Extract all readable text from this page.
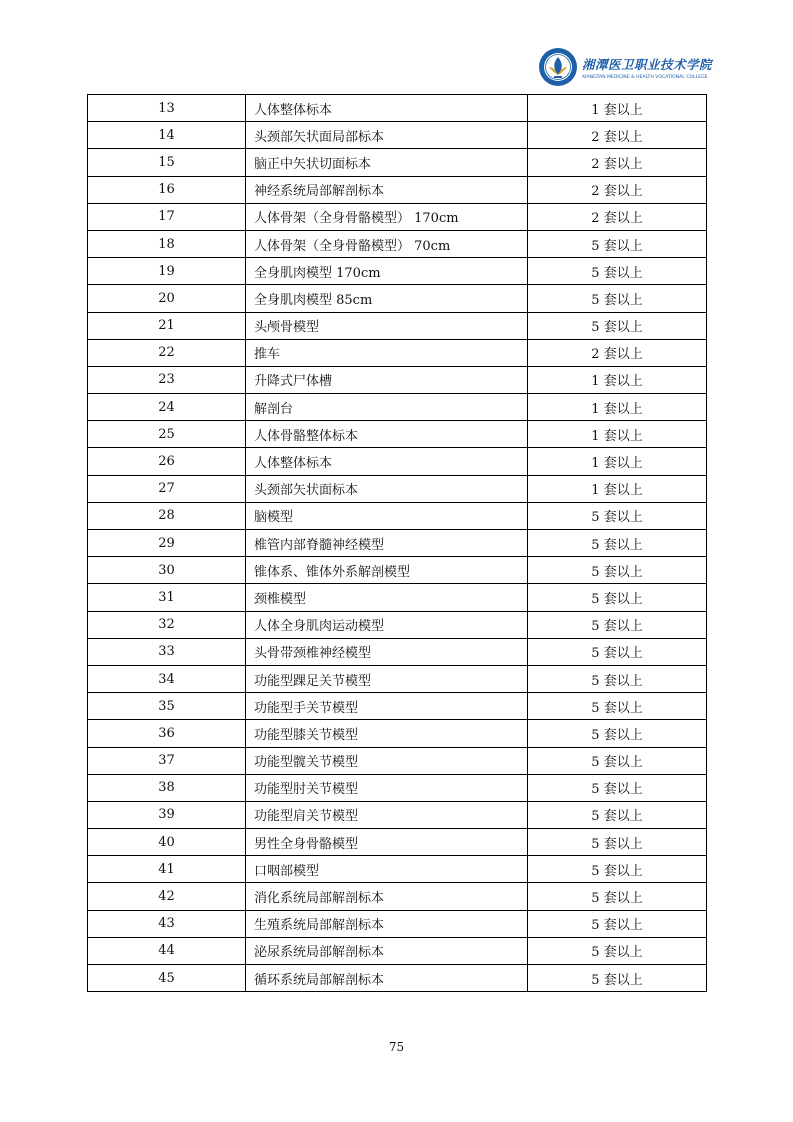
湘潭医卫职业技术学院
XIANGTAN MEDICINE & HEALTH VOCATIONAL COLLEGE
13	人体整体标本	1 套以上
14	头颈部矢状面局部标本	2 套以上
15	脑正中矢状切面标本	2 套以上
16	神经系统局部解剖标本	2 套以上
17	人体骨架（全身骨骼模型） 170cm	2 套以上
18	人体骨架（全身骨骼模型） 70cm	5 套以上
19	全身肌肉模型 170cm	5 套以上
20	全身肌肉模型 85cm	5 套以上
21	头颅骨模型	5 套以上
22	推车	2 套以上
23	升降式尸体槽	1 套以上
24	解剖台	1 套以上
25	人体骨骼整体标本	1 套以上
26	人体整体标本	1 套以上
27	头颈部矢状面标本	1 套以上
28	脑模型	5 套以上
29	椎管内部脊髓神经模型	5 套以上
30	锥体系、锥体外系解剖模型	5 套以上
31	颈椎模型	5 套以上
32	人体全身肌肉运动模型	5 套以上
33	头骨带颈椎神经模型	5 套以上
34	功能型踝足关节模型	5 套以上
35	功能型手关节模型	5 套以上
36	功能型膝关节模型	5 套以上
37	功能型髋关节模型	5 套以上
38	功能型肘关节模型	5 套以上
39	功能型肩关节模型	5 套以上
40	男性全身骨骼模型	5 套以上
41	口咽部模型	5 套以上
42	消化系统局部解剖标本	5 套以上
43	生殖系统局部解剖标本	5 套以上
44	泌尿系统局部解剖标本	5 套以上
45	循环系统局部解剖标本	5 套以上
75
